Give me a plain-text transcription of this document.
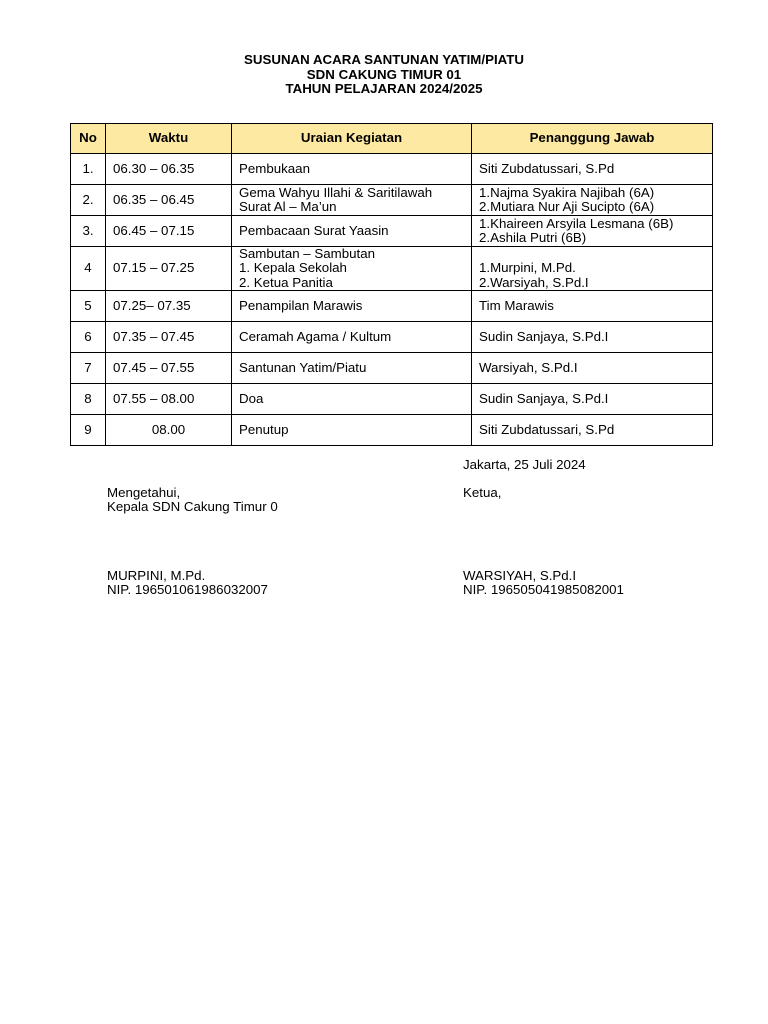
SUSUNAN ACARA SANTUNAN YATIM/PIATU
SDN CAKUNG TIMUR 01
TAHUN PELAJARAN 2024/2025
No	Waktu	Uraian Kegiatan	Penanggung Jawab
1.	06.30 – 06.35	Pembukaan	Siti Zubdatussari, S.Pd

2.	06.35 – 06.45	Gema Wahyu Illahi & Saritilawah
Surat Al – Ma’un	1.Najma Syakira Najibah (6A)
2.Mutiara Nur Aji Sucipto (6A)

3.	06.45 – 07.15	Pembacaan Surat Yaasin	1.Khaireen Arsyila Lesmana (6B)
2.Ashila Putri (6B)

4	07.15 – 07.25	Sambutan – Sambutan
1. Kepala Sekolah
2. Ketua Panitia	1.Murpini, M.Pd.
2.Warsiyah, S.Pd.I

5	07.25– 07.35	Penampilan Marawis	Tim Marawis

6	07.35 – 07.45	Ceramah Agama / Kultum	Sudin Sanjaya, S.Pd.I

7	07.45 – 07.55	Santunan Yatim/Piatu	Warsiyah, S.Pd.I

8	07.55 – 08.00	Doa	Sudin Sanjaya, S.Pd.I

9	08.00	Penutup	Siti Zubdatussari, S.Pd
Jakarta, 25 Juli 2024
Mengetahui,
Kepala SDN Cakung Timur 0
MURPINI, M.Pd.
NIP. 196501061986032007
Ketua,
WARSIYAH, S.Pd.I
NIP. 196505041985082001
